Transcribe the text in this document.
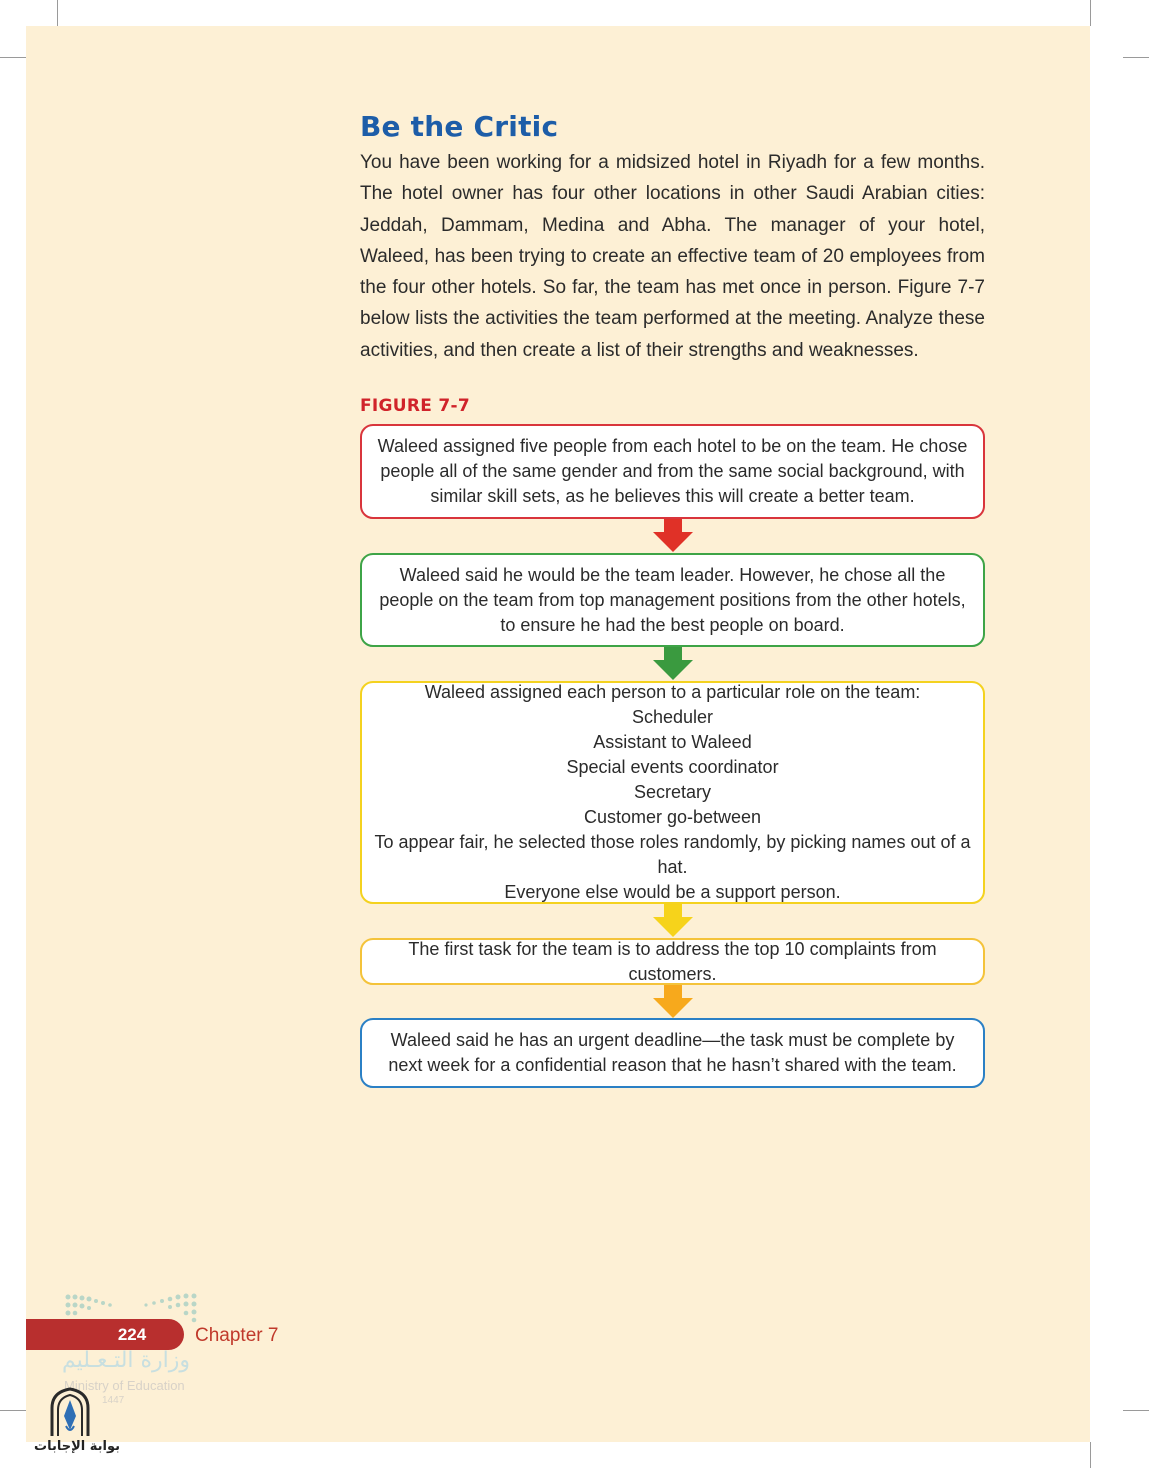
Be the Critic
You have been working for a midsized hotel in Riyadh for a few months. The hotel owner has four other locations in other Saudi Arabian cities: Jeddah, Dammam, Medina and Abha. The manager of your hotel, Waleed, has been trying to create an effective team of 20 employees from the four other hotels. So far, the team has met once in person. Figure 7-7 below lists the activities the team performed at the meeting. Analyze these activities, and then create a list of their strengths and weaknesses.
FIGURE 7-7
Waleed assigned five people from each hotel to be on the team. He chose people all of the same gender and from the same social background, with similar skill sets, as he believes this will create a better team.
Waleed said he would be the team leader. However, he chose all the people on the team from top management positions from the other hotels, to ensure he had the best people on board.
Waleed assigned each person to a particular role on the team:
Scheduler
Assistant to Waleed
Special events coordinator
Secretary
Customer go-between
To appear fair, he selected those roles randomly, by picking names out of a hat.
Everyone else would be a support person.
The first task for the team is to address the top 10 complaints from customers.
Waleed said he has an urgent deadline—the task must be complete by next week for a confidential reason that he hasn’t shared with the team.
224	Chapter 7
وزارة التـعـليم
Ministry of Education
1447
بوابة الإجابات
